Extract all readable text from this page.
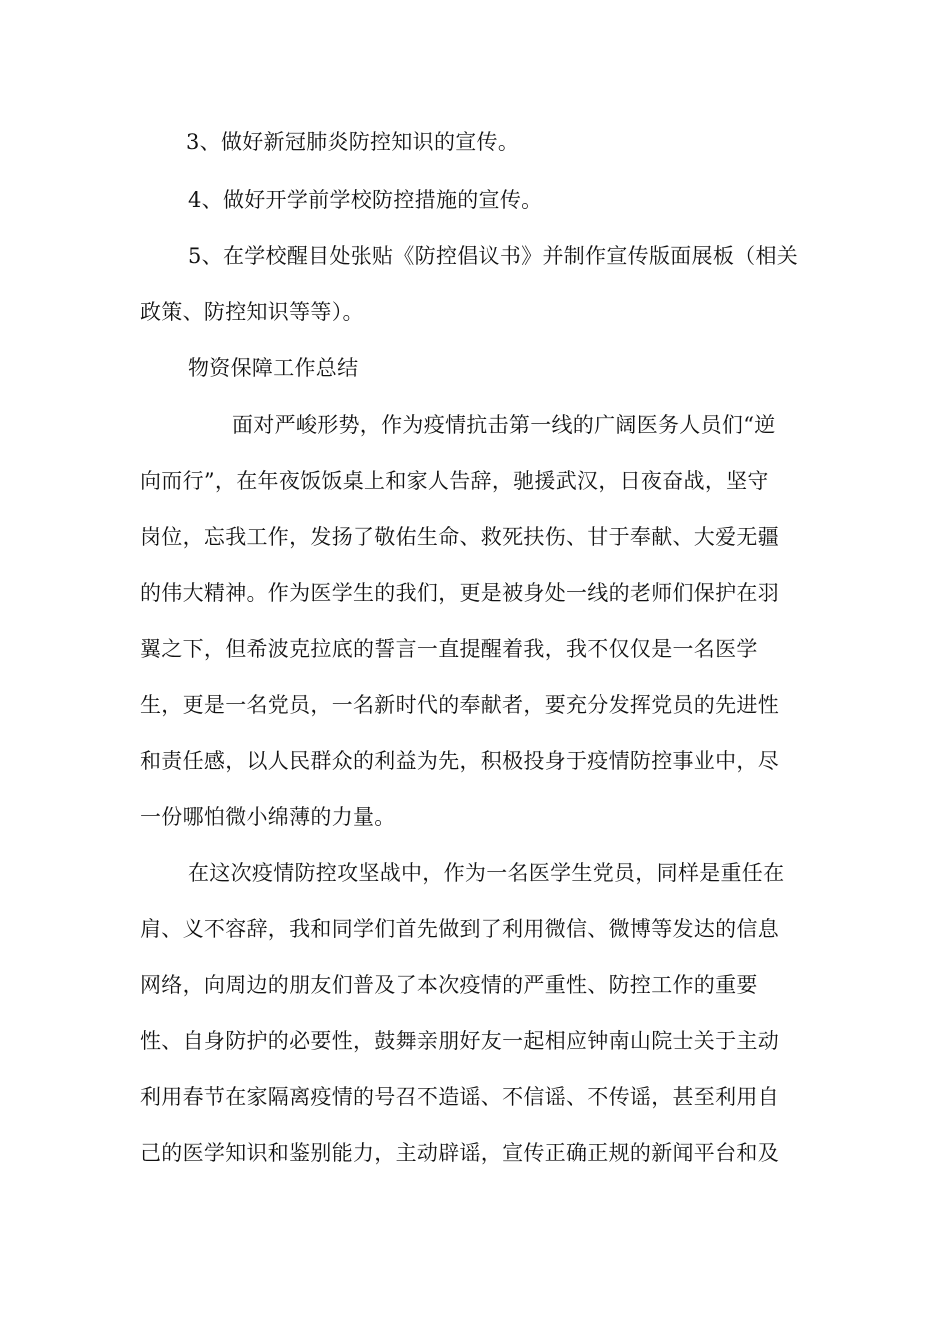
3、做好新冠肺炎防控知识的宣传。
4、做好开学前学校防控措施的宣传。
5、在学校醒目处张贴《防控倡议书》并制作宣传版面展板（相关
政策、防控知识等等）。
物资保障工作总结
面对严峻形势，作为疫情抗击第一线的广阔医务人员们“逆
向而行”，在年夜饭饭桌上和家人告辞，驰援武汉，日夜奋战，坚守
岗位，忘我工作，发扬了敬佑生命、救死扶伤、甘于奉献、大爱无疆
的伟大精神。作为医学生的我们，更是被身处一线的老师们保护在羽
翼之下，但希波克拉底的誓言一直提醒着我，我不仅仅是一名医学
生，更是一名党员，一名新时代的奉献者，要充分发挥党员的先进性
和责任感，以人民群众的利益为先，积极投身于疫情防控事业中，尽
一份哪怕微小绵薄的力量。
在这次疫情防控攻坚战中，作为一名医学生党员，同样是重任在
肩、义不容辞，我和同学们首先做到了利用微信、微博等发达的信息
网络，向周边的朋友们普及了本次疫情的严重性、防控工作的重要
性、自身防护的必要性，鼓舞亲朋好友一起相应钟南山院士关于主动
利用春节在家隔离疫情的号召不造谣、不信谣、不传谣，甚至利用自
己的医学知识和鉴别能力，主动辟谣，宣传正确正规的新闻平台和及
